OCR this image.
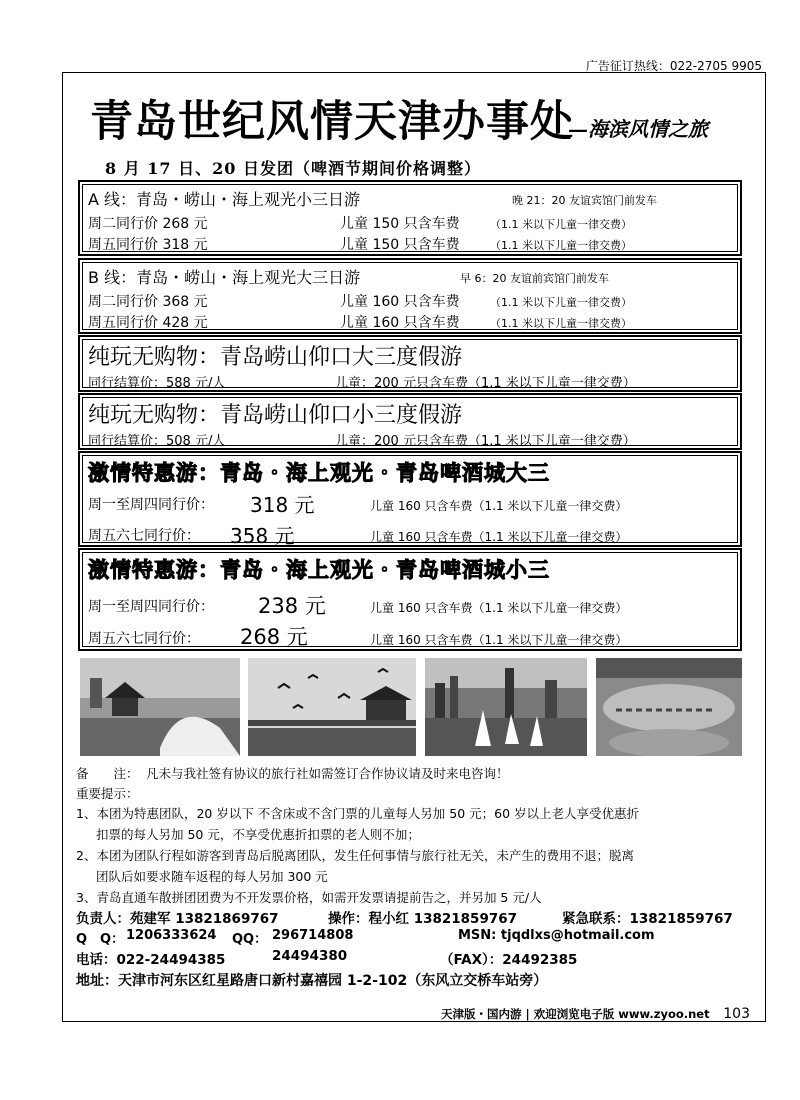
广告征订热线：022-2705 9905
青岛世纪风情天津办事处
—海滨风情之旅
8 月 17 日、20 日发团（啤酒节期间价格调整）
A 线：青岛・崂山・海上观光小三日游	晚 21：20 友谊宾馆门前发车
周二同行价 268 元	儿童 150 只含车费	（1.1 米以下儿童一律交费）
周五同行价 318 元	儿童 150 只含车费	（1.1 米以下儿童一律交费）
B 线：青岛・崂山・海上观光大三日游	早 6：20 友谊前宾馆门前发车
周二同行价 368 元	儿童 160 只含车费	（1.1 米以下儿童一律交费）
周五同行价 428 元	儿童 160 只含车费	（1.1 米以下儿童一律交费）
纯玩无购物：青岛崂山仰口大三度假游
同行结算价：588 元/人	儿童：200 元只含车费（1.1 米以下儿童一律交费）
纯玩无购物：青岛崂山仰口小三度假游
同行结算价：508 元/人	儿童：200 元只含车费（1.1 米以下儿童一律交费）
激情特惠游：青岛・海上观光・青岛啤酒城大三
周一至周四同行价： 318 元	儿童 160 只含车费（1.1 米以下儿童一律交费）
周五六七同行价： 358 元	儿童 160 只含车费（1.1 米以下儿童一律交费）
激情特惠游：青岛・海上观光・青岛啤酒城小三
周一至周四同行价： 238 元	儿童 160 只含车费（1.1 米以下儿童一律交费）
周五六七同行价： 268 元	儿童 160 只含车费（1.1 米以下儿童一律交费）
备　　注： 凡未与我社签有协议的旅行社如需签订合作协议请及时来电咨询！
重要提示：
1、本团为特惠团队，20 岁以下 不含床或不含门票的儿童每人另加 50 元；60 岁以上老人享受优惠折
扣票的每人另加 50 元，不享受优惠折扣票的老人则不加；
2、本团为团队行程如游客到青岛后脱离团队，发生任何事情与旅行社无关，未产生的费用不退；脱离
团队后如要求随车返程的每人另加 300 元
3、青岛直通车散拼团团费为不开发票价格，如需开发票请提前告之，并另加 5 元/人
负责人：苑建军 13821869767	操作：程小红 13821859767	紧急联系：13821859767
Q　Q： 1206333624 QQ： 296714808	MSN: tjqdlxs@hotmail.com
电话：022-24494385	24494380	（FAX）：24492385
地址：天津市河东区红星路唐口新村嘉禧园 1-2-102（东风立交桥车站旁）
天津版・国内游 | 欢迎浏览电子版 www.zyoo.net 103
